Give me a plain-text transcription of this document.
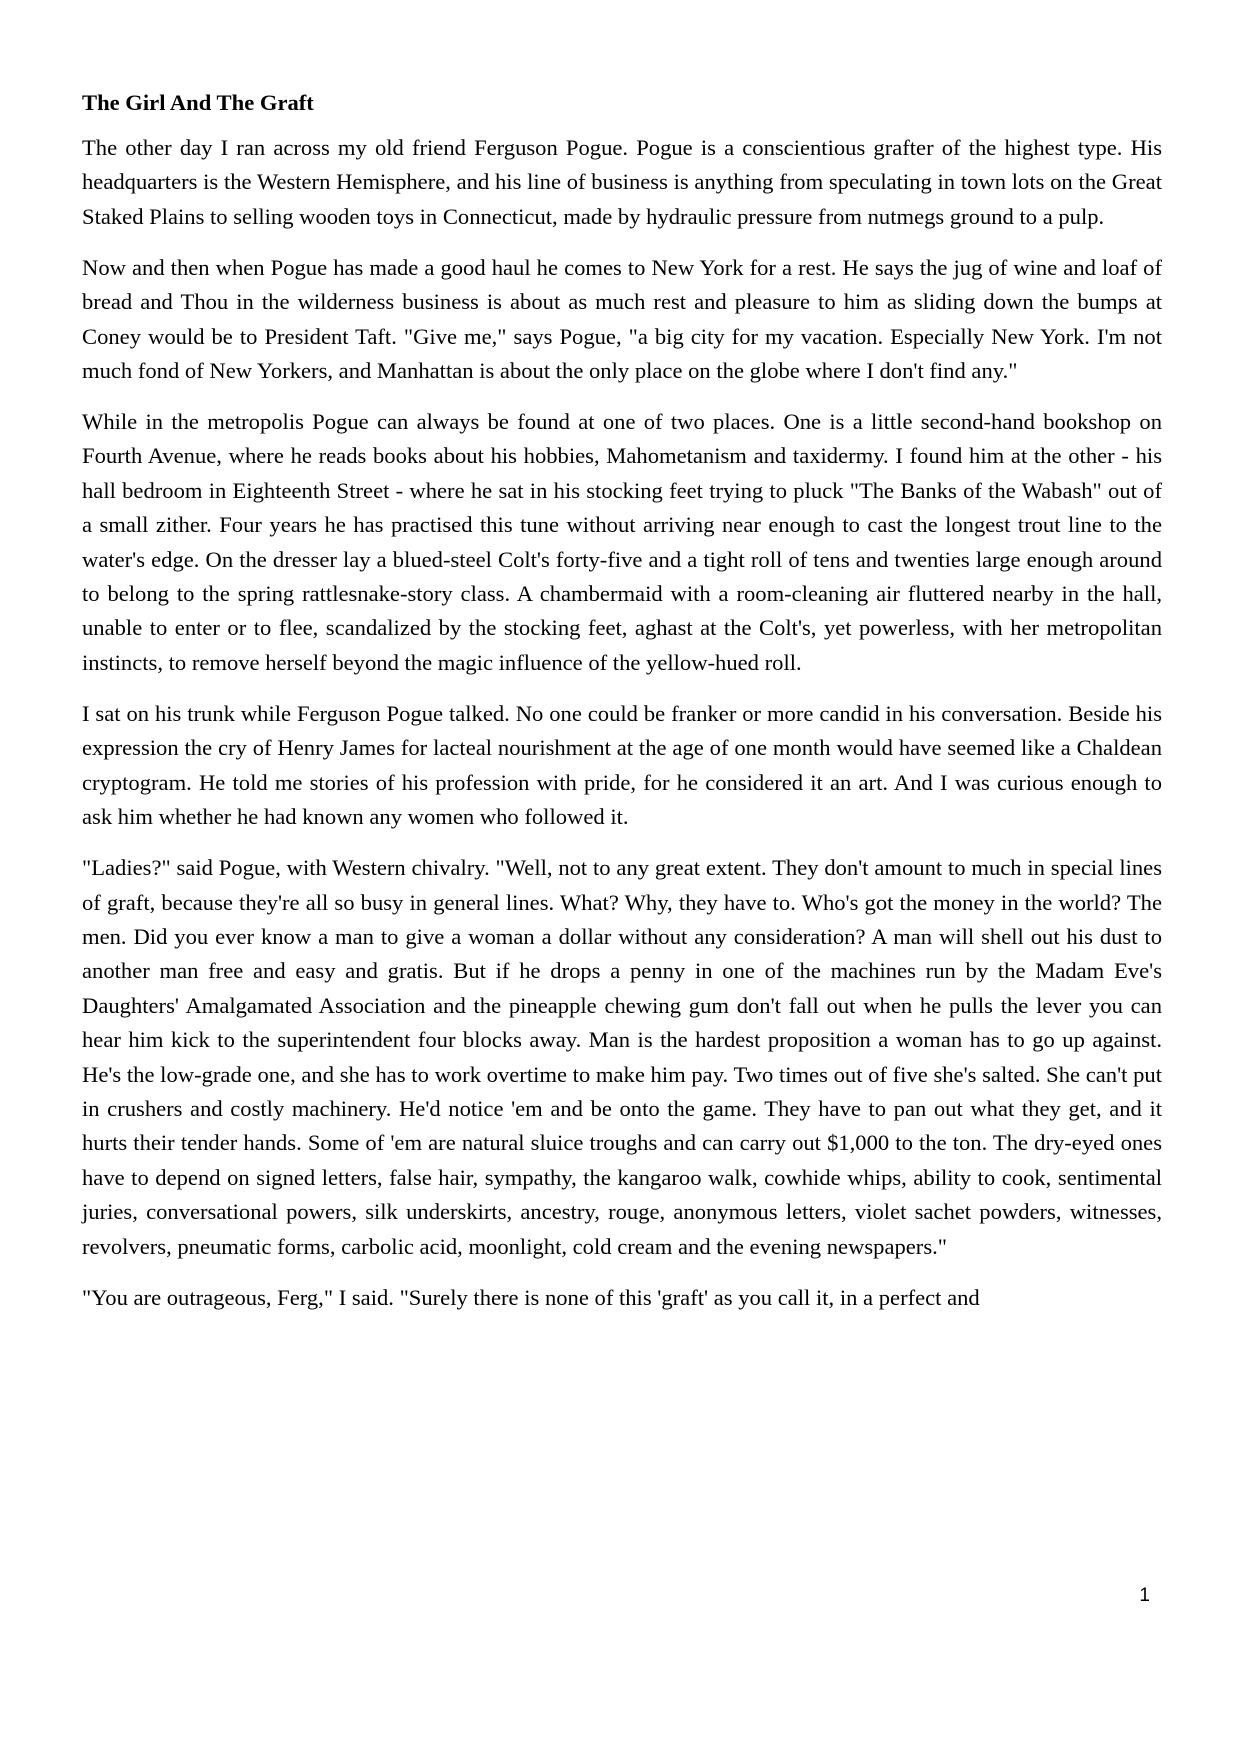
The Girl And The Graft

The other day I ran across my old friend Ferguson Pogue. Pogue is a conscientious grafter of the highest type. His headquarters is the Western Hemisphere, and his line of business is anything from speculating in town lots on the Great Staked Plains to selling wooden toys in Connecticut, made by hydraulic pressure from nutmegs ground to a pulp.

Now and then when Pogue has made a good haul he comes to New York for a rest. He says the jug of wine and loaf of bread and Thou in the wilderness business is about as much rest and pleasure to him as sliding down the bumps at Coney would be to President Taft. "Give me," says Pogue, "a big city for my vacation. Especially New York. I'm not much fond of New Yorkers, and Manhattan is about the only place on the globe where I don't find any."

While in the metropolis Pogue can always be found at one of two places. One is a little second-hand bookshop on Fourth Avenue, where he reads books about his hobbies, Mahometanism and taxidermy. I found him at the other - his hall bedroom in Eighteenth Street - where he sat in his stocking feet trying to pluck "The Banks of the Wabash" out of a small zither. Four years he has practised this tune without arriving near enough to cast the longest trout line to the water's edge. On the dresser lay a blued-steel Colt's forty-five and a tight roll of tens and twenties large enough around to belong to the spring rattlesnake-story class. A chambermaid with a room-cleaning air fluttered nearby in the hall, unable to enter or to flee, scandalized by the stocking feet, aghast at the Colt's, yet powerless, with her metropolitan instincts, to remove herself beyond the magic influence of the yellow-hued roll.

I sat on his trunk while Ferguson Pogue talked. No one could be franker or more candid in his conversation. Beside his expression the cry of Henry James for lacteal nourishment at the age of one month would have seemed like a Chaldean cryptogram. He told me stories of his profession with pride, for he considered it an art. And I was curious enough to ask him whether he had known any women who followed it.

"Ladies?" said Pogue, with Western chivalry. "Well, not to any great extent. They don't amount to much in special lines of graft, because they're all so busy in general lines. What? Why, they have to. Who's got the money in the world? The men. Did you ever know a man to give a woman a dollar without any consideration? A man will shell out his dust to another man free and easy and gratis. But if he drops a penny in one of the machines run by the Madam Eve's Daughters' Amalgamated Association and the pineapple chewing gum don't fall out when he pulls the lever you can hear him kick to the superintendent four blocks away. Man is the hardest proposition a woman has to go up against. He's the low-grade one, and she has to work overtime to make him pay. Two times out of five she's salted. She can't put in crushers and costly machinery. He'd notice 'em and be onto the game. They have to pan out what they get, and it hurts their tender hands. Some of 'em are natural sluice troughs and can carry out $1,000 to the ton. The dry-eyed ones have to depend on signed letters, false hair, sympathy, the kangaroo walk, cowhide whips, ability to cook, sentimental juries, conversational powers, silk underskirts, ancestry, rouge, anonymous letters, violet sachet powders, witnesses, revolvers, pneumatic forms, carbolic acid, moonlight, cold cream and the evening newspapers."

"You are outrageous, Ferg," I said. "Surely there is none of this 'graft' as you call it, in a perfect and

1
